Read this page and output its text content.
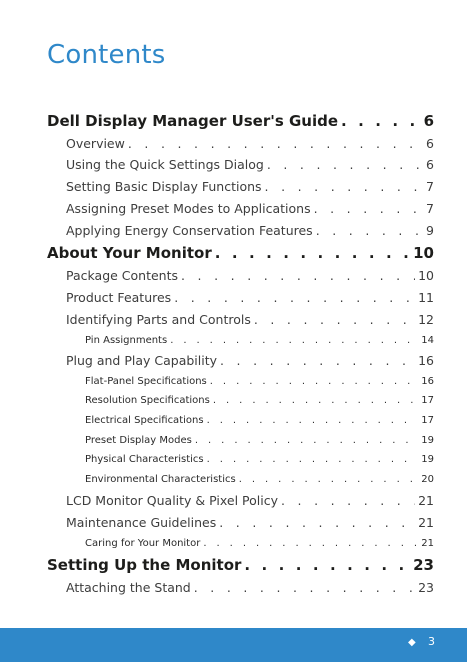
Contents
Dell Display Manager User's Guide . . .	6
Overview . . .	6
Using the Quick Settings Dialog . . .	6
Setting Basic Display Functions . . .	7
Assigning Preset Modes to Applications . . .	7
Applying Energy Conservation Features . . .	9
About Your Monitor . . .	10
Package Contents . . .	10
Product Features . . .	11
Identifying Parts and Controls . . .	12
Pin Assignments . . .	14
Plug and Play Capability . . .	16
Flat-Panel Specifications . . .	16
Resolution Specifications . . .	17
Electrical Specifications . . .	17
Preset Display Modes . . .	19
Physical Characteristics . . .	19
Environmental Characteristics . . .	20
LCD Monitor Quality & Pixel Policy . . .	21
Maintenance Guidelines . . .	21
Caring for Your Monitor . . .	21
Setting Up the Monitor . . .	23
Attaching the Stand . . .	23
◆ 3
